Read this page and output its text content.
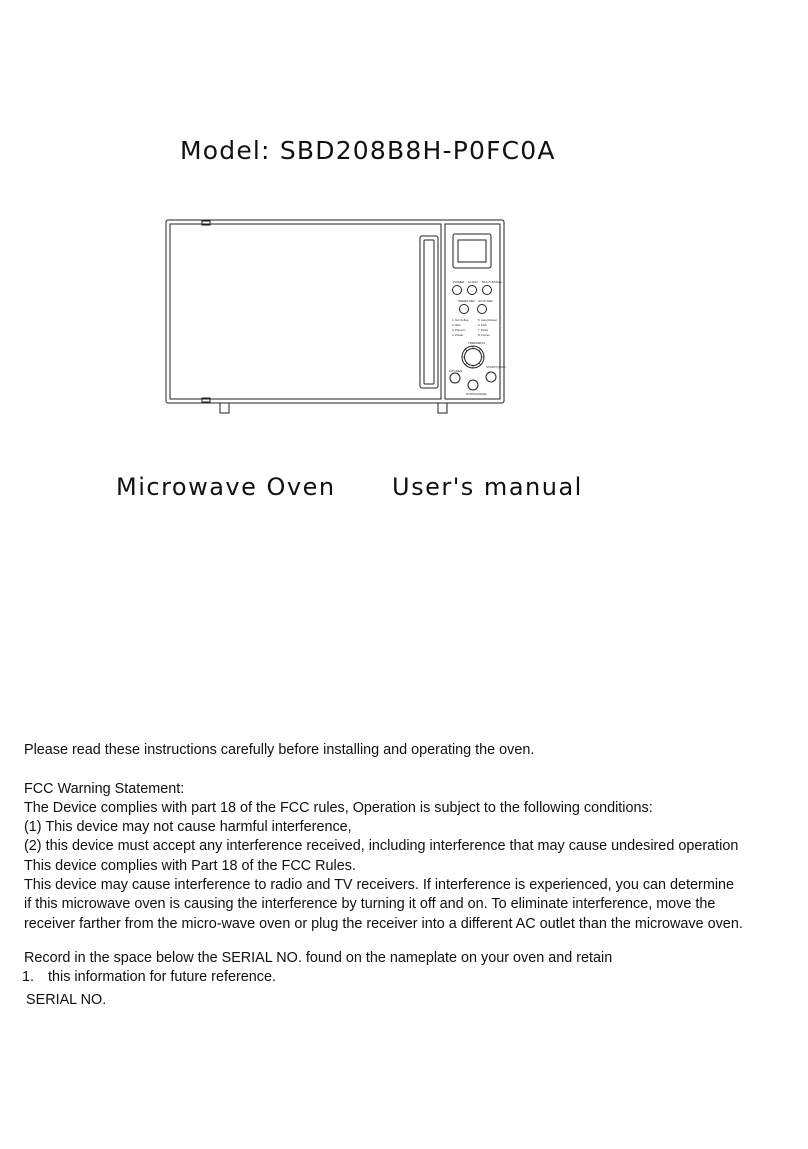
Model: SBD208B8H-P0FC0A
POWER CLOCK MULTI-STAGE
SPEED DEF AUTO DEF
1. Hot Coffee
2. Rice
3. Popcorn
4. Potato
5. Auto Reheat
6. Fish
7. Pizza
8. Frozen
TIME/MENU
KITCHEN
START/QUICK
STOP/CANCEL
Microwave Oven User's manual

Please read these instructions carefully before installing and operating the oven.

FCC Warning Statement:

The Device complies with part 18 of the FCC rules, Operation is subject to the following conditions:

(1) This device may not cause harmful interference,

(2) this device must accept any interference received, including interference that may cause undesired operation

This device complies with Part 18 of the FCC Rules.

This device may cause interference to radio and TV receivers. If interference is experienced, you can determine

if this microwave oven is causing the interference by turning it off and on. To eliminate interference, move the

receiver farther from the micro-wave oven or plug the receiver into a different AC outlet than the microwave oven.

Record in the space below the SERIAL NO. found on the nameplate on your oven and retain
1. this information for future reference.
SERIAL NO.
